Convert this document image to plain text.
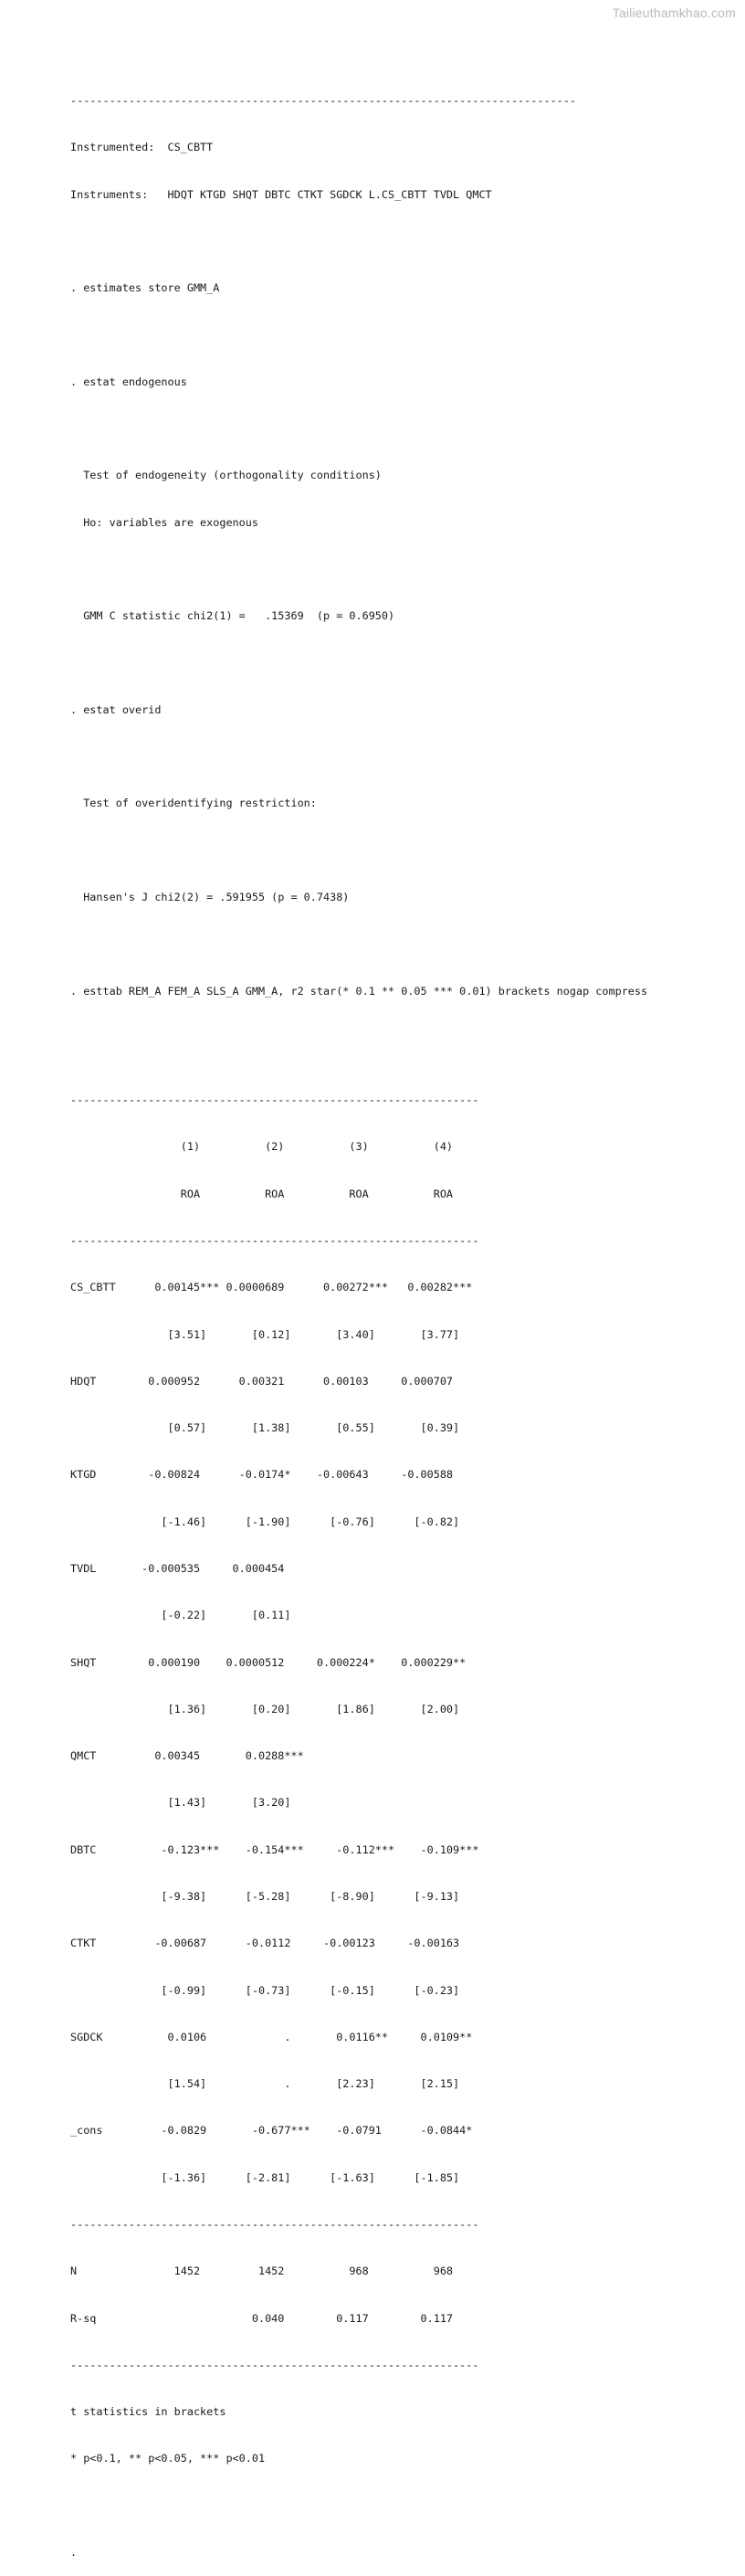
Tailieuthamkhao.com

------------------------------------------------------------------------------

Instrumented:  CS_CBTT

Instruments:   HDQT KTGD SHQT DBTC CTKT SGDCK L.CS_CBTT TVDL QMCT

. estimates store GMM_A

. estat endogenous

Test of endogeneity (orthogonality conditions)

Ho: variables are exogenous

GMM C statistic chi2(1) =   .15369  (p = 0.6950)

. estat overid

Test of overidentifying restriction:

Hansen's J chi2(2) = .591955 (p = 0.7438)

. esttab REM_A FEM_A SLS_A GMM_A, r2 star(* 0.1 ** 0.05 *** 0.01) brackets nogap compress

---------------------------------------------------------------

(1)          (2)          (3)          (4)

ROA          ROA          ROA          ROA

---------------------------------------------------------------

CS_CBTT      0.00145*** 0.0000689      0.00272***   0.00282***

[3.51]       [0.12]       [3.40]       [3.77]

HDQT        0.000952      0.00321      0.00103     0.000707

[0.57]       [1.38]       [0.55]       [0.39]

KTGD        -0.00824      -0.0174*    -0.00643     -0.00588

[-1.46]      [-1.90]      [-0.76]      [-0.82]

TVDL       -0.000535     0.000454

[-0.22]       [0.11]

SHQT        0.000190    0.0000512     0.000224*    0.000229**

[1.36]       [0.20]       [1.86]       [2.00]

QMCT         0.00345       0.0288***

[1.43]       [3.20]

DBTC          -0.123***    -0.154***     -0.112***    -0.109***

[-9.38]      [-5.28]      [-8.90]      [-9.13]

CTKT         -0.00687      -0.0112     -0.00123     -0.00163

[-0.99]      [-0.73]      [-0.15]      [-0.23]

SGDCK          0.0106            .       0.0116**     0.0109**

[1.54]            .       [2.23]       [2.15]

_cons         -0.0829       -0.677***    -0.0791      -0.0844*

[-1.36]      [-2.81]      [-1.63]      [-1.85]

---------------------------------------------------------------

N               1452         1452          968          968

R-sq                        0.040        0.117        0.117

---------------------------------------------------------------

t statistics in brackets

* p<0.1, ** p<0.05, *** p<0.01

.
